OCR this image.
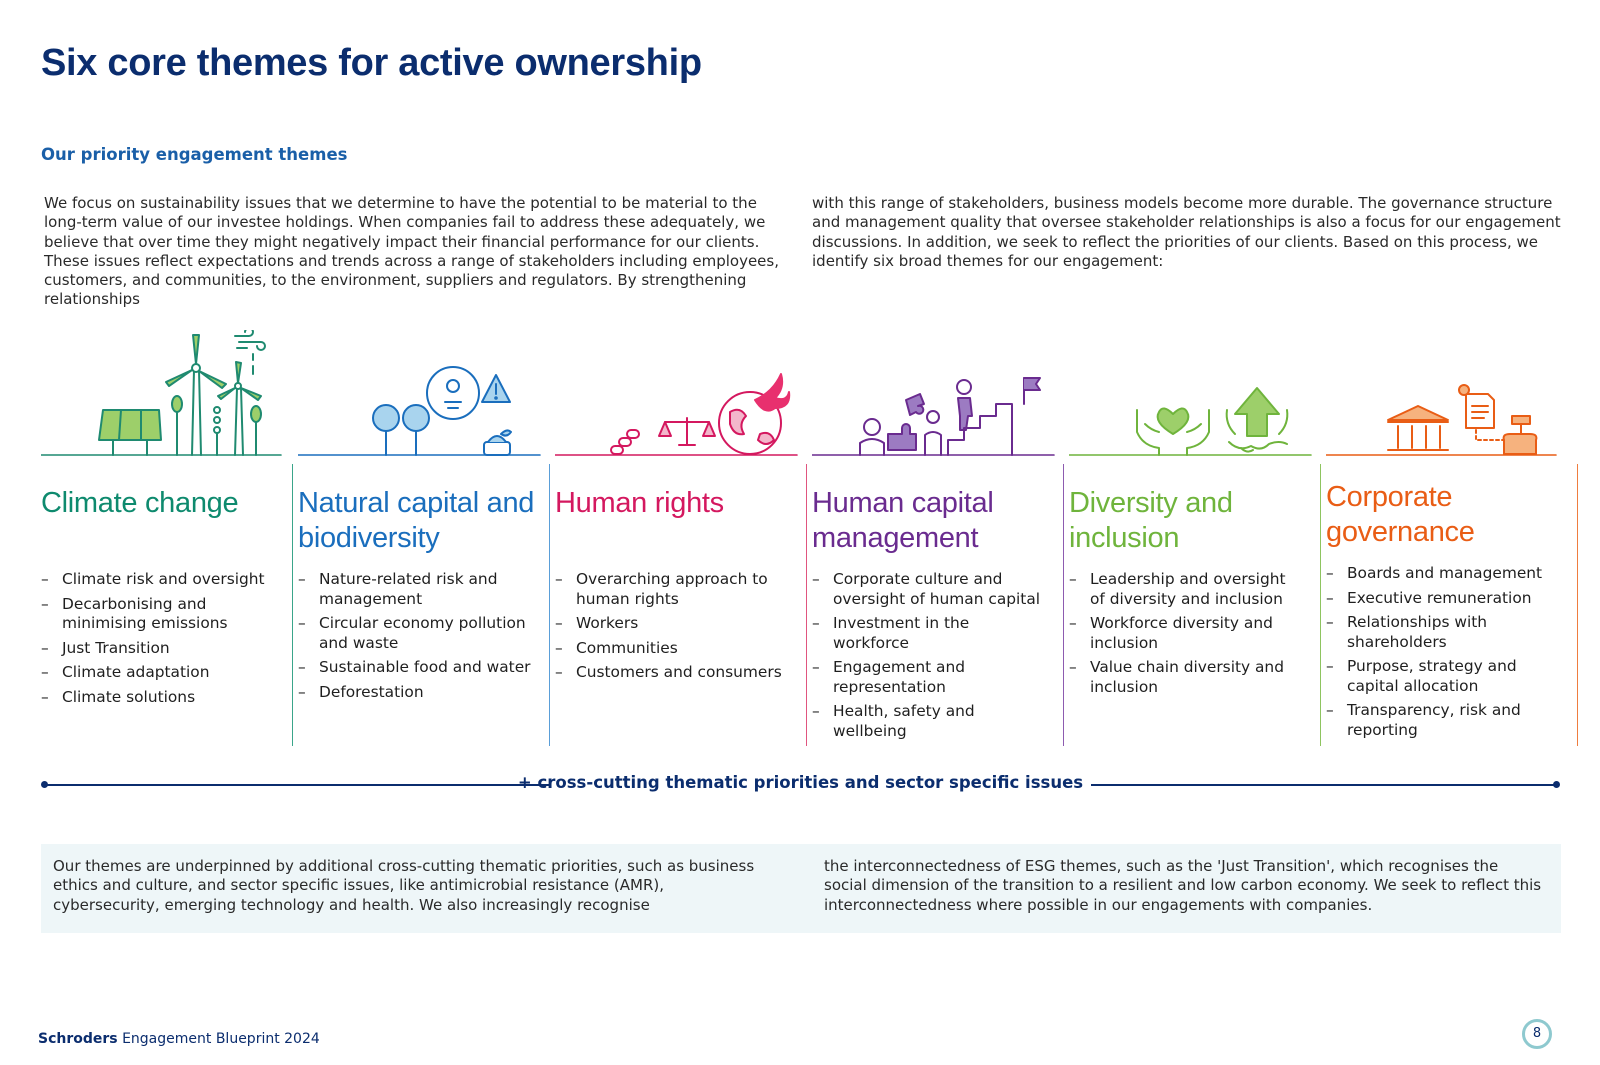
Six core themes for active ownership
Our priority engagement themes

We focus on sustainability issues that we determine to have the potential to be material to the long-term value of our investee holdings. When companies fail to address these adequately, we believe that over time they might negatively impact their financial performance for our clients. These issues reflect expectations and trends across a range of stakeholders including employees, customers, and communities, to the environment, suppliers and regulators. By strengthening relationships

with this range of stakeholders, business models become more durable. The governance structure and management quality that oversee stakeholder relationships is also a focus for our engagement discussions. In addition, we seek to reflect the priorities of our clients. Based on this process, we identify six broad themes for our engagement:

Climate change
– Climate risk and oversight
– Decarbonising and minimising emissions
– Just Transition
– Climate adaptation
– Climate solutions
Natural capital and biodiversity
– Nature-related risk and management
– Circular economy pollution and waste
– Sustainable food and water
– Deforestation
Human rights
– Overarching approach to human rights
– Workers
– Communities
– Customers and consumers
Human capital management
– Corporate culture and oversight of human capital
– Investment in the workforce
– Engagement and representation
– Health, safety and wellbeing
Diversity and inclusion
– Leadership and oversight of diversity and inclusion
– Workforce diversity and inclusion
– Value chain diversity and inclusion
Corporate governance
– Boards and management
– Executive remuneration
– Relationships with shareholders
– Purpose, strategy and capital allocation
– Transparency, risk and reporting
+ cross-cutting thematic priorities and sector specific issues

Our themes are underpinned by additional cross-cutting thematic priorities, such as business ethics and culture, and sector specific issues, like antimicrobial resistance (AMR), cybersecurity, emerging technology and health. We also increasingly recognise

the interconnectedness of ESG themes, such as the 'Just Transition', which recognises the social dimension of the transition to a resilient and low carbon economy. We seek to reflect this interconnectedness where possible in our engagements with companies.

Schroders Engagement Blueprint 2024	8
